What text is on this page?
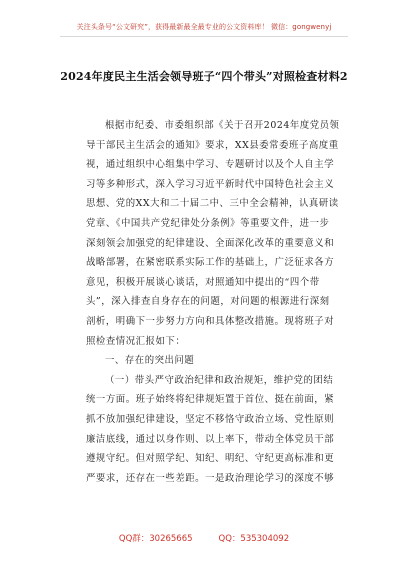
关注头条号“公文研究”，获得最新最全最专业的公文资料库！ 微信：gongwenyj
2024年度民主生活会领导班子“四个带头”对照检查材料2
根据市纪委、市委组织部《关于召开2024年度党员领
导干部民主生活会的通知》要求，XX县委常委班子高度重
视，通过组织中心组集中学习、专题研讨以及个人自主学
习等多种形式，深入学习习近平新时代中国特色社会主义
思想、党的XX大和二十届二中、三中全会精神，认真研读
党章、《中国共产党纪律处分条例》等重要文件，进一步
深刻领会加强党的纪律建设、全面深化改革的重要意义和
战略部署，在紧密联系实际工作的基础上，广泛征求各方
意见，积极开展谈心谈话，对照通知中提出的“四个带
头”，深入排查自身存在的问题，对问题的根源进行深刻
剖析，明确下一步努力方向和具体整改措施。现将班子对
照检查情况汇报如下：
一、存在的突出问题
（一）带头严守政治纪律和政治规矩，维护党的团结
统一方面。班子始终将纪律规矩置于首位、挺在前面，紧
抓不放加强纪律建设，坚定不移恪守政治立场、党性原则
廉洁底线，通过以身作则、以上率下，带动全体党员干部
遵规守纪。但对照学纪、知纪、明纪、守纪更高标准和更
严要求，还存在一些差距。一是政治理论学习的深度不够
QQ群：30265665	QQ：535304092
